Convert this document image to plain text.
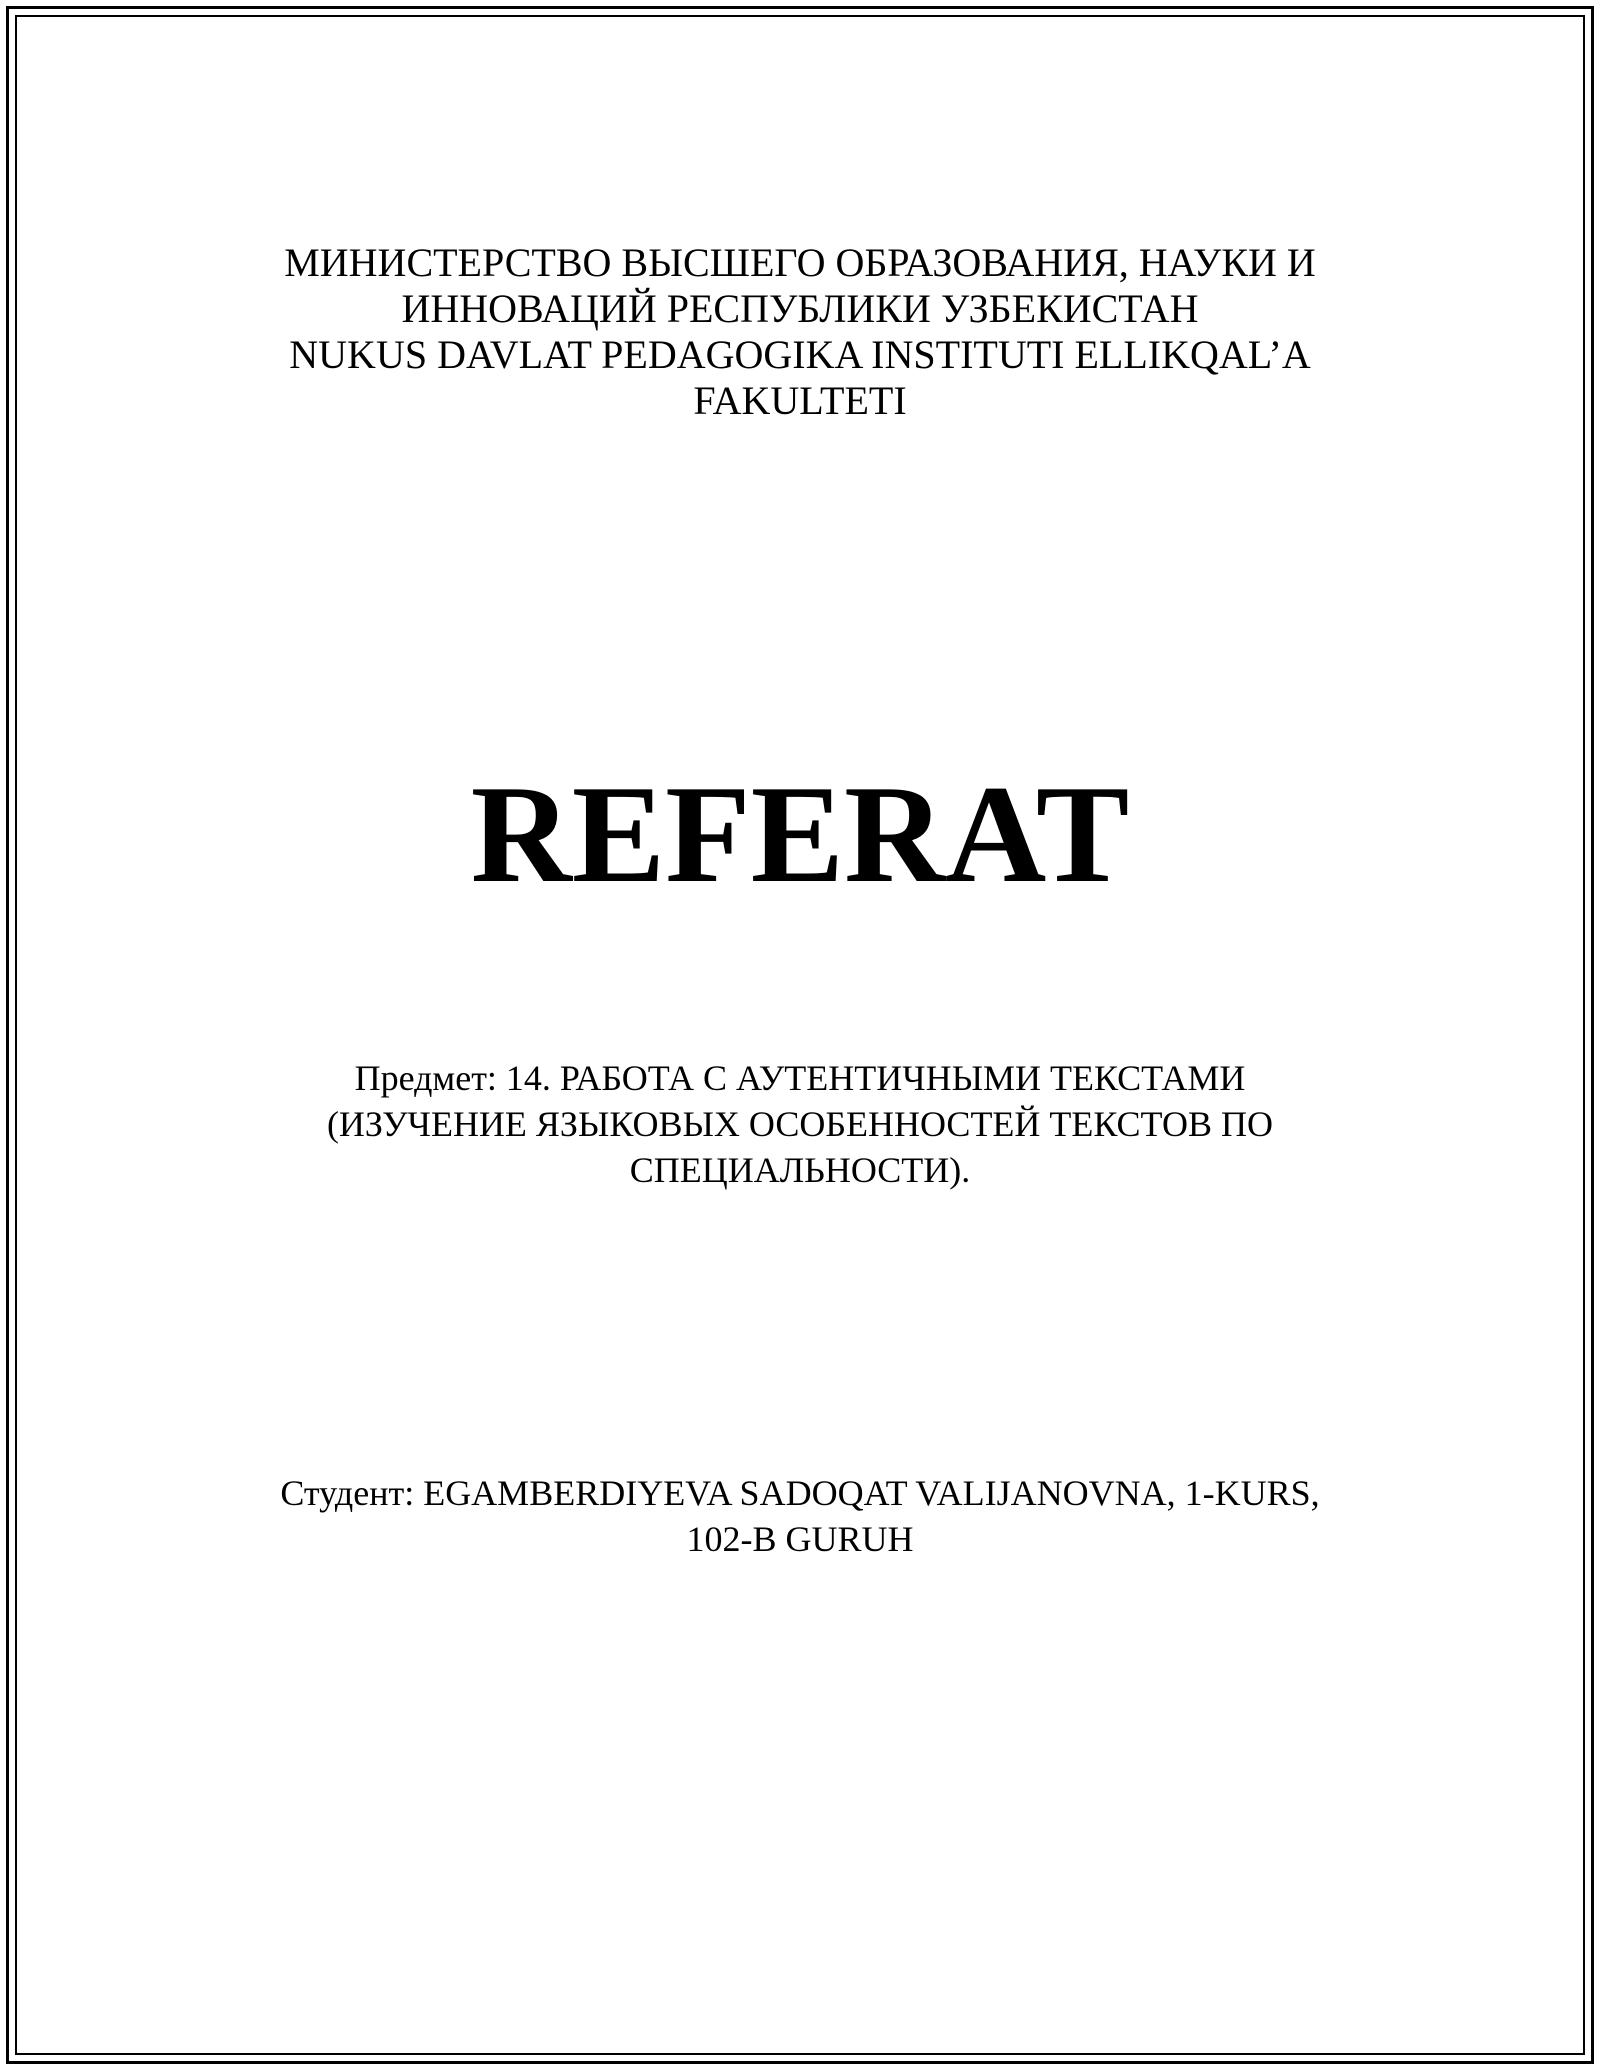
МИНИСТЕРСТВО ВЫСШЕГО ОБРАЗОВАНИЯ, НАУКИ И
ИННОВАЦИЙ РЕСПУБЛИКИ УЗБЕКИСТАН
NUKUS DAVLAT PEDAGOGIKA INSTITUTI ELLIKQAL’A
FAKULTETI
REFERAT
Предмет: 14. РАБОТА С АУТЕНТИЧНЫМИ ТЕКСТАМИ
(ИЗУЧЕНИЕ ЯЗЫКОВЫХ ОСОБЕННОСТЕЙ ТЕКСТОВ ПО
СПЕЦИАЛЬНОСТИ).
Студент: EGAMBERDIYEVA SADOQAT VALIJANOVNA, 1-KURS,
102-B GURUH
